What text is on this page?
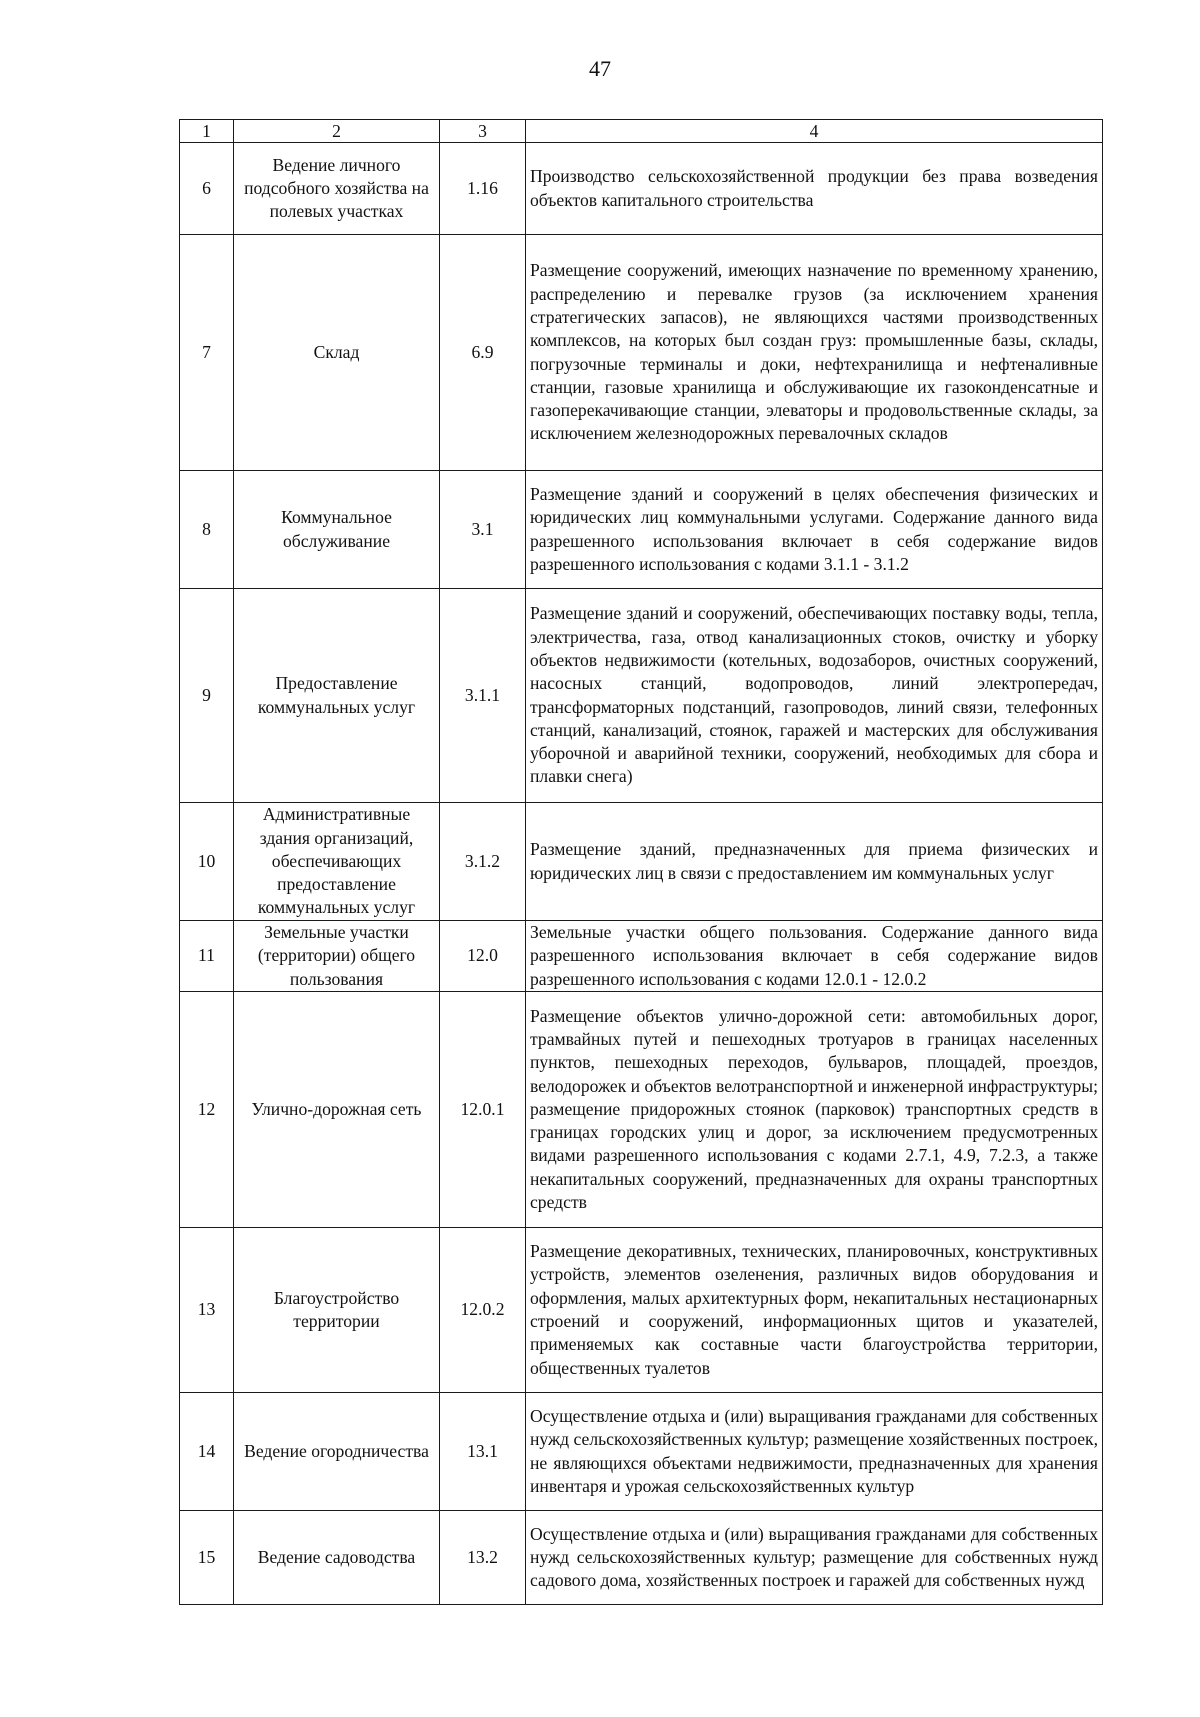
47
1	2	3	4
6	Ведение личного подсобного хозяйства на полевых участках	1.16	Производство сельскохозяйственной продукции без права возведения объектов капитального строительства
7	Склад	6.9	Размещение сооружений, имеющих назначение по временному хранению, распределению и перевалке грузов (за исключением хранения стратегических запасов), не являющихся частями производственных комплексов, на которых был создан груз: промышленные базы, склады, погрузочные терминалы и доки, нефтехранилища и нефтеналивные станции, газовые хранилища и обслуживающие их газоконденсатные и газоперекачивающие станции, элеваторы и продовольственные склады, за исключением железнодорожных перевалочных складов
8	Коммунальное обслуживание	3.1	Размещение зданий и сооружений в целях обеспечения физических и юридических лиц коммунальными услугами. Содержание данного вида разрешенного использования включает в себя содержание видов разрешенного использования с кодами 3.1.1 - 3.1.2
9	Предоставление коммунальных услуг	3.1.1	Размещение зданий и сооружений, обеспечивающих поставку воды, тепла, электричества, газа, отвод канализационных стоков, очистку и уборку объектов недвижимости (котельных, водозаборов, очистных сооружений, насосных станций, водопроводов, линий электропередач, трансформаторных подстанций, газопроводов, линий связи, телефонных станций, канализаций, стоянок, гаражей и мастерских для обслуживания уборочной и аварийной техники, сооружений, необходимых для сбора и плавки снега)
10	Административные здания организаций, обеспечивающих предоставление коммунальных услуг	3.1.2	Размещение зданий, предназначенных для приема физических и юридических лиц в связи с предоставлением им коммунальных услуг
11	Земельные участки (территории) общего пользования	12.0	Земельные участки общего пользования. Содержание данного вида разрешенного использования включает в себя содержание видов разрешенного использования с кодами 12.0.1 - 12.0.2
12	Улично-дорожная сеть	12.0.1	Размещение объектов улично-дорожной сети: автомобильных дорог, трамвайных путей и пешеходных тротуаров в границах населенных пунктов, пешеходных переходов, бульваров, площадей, проездов, велодорожек и объектов велотранспортной и инженерной инфраструктуры; размещение придорожных стоянок (парковок) транспортных средств в границах городских улиц и дорог, за исключением предусмотренных видами разрешенного использования с кодами 2.7.1, 4.9, 7.2.3, а также некапитальных сооружений, предназначенных для охраны транспортных средств
13	Благоустройство территории	12.0.2	Размещение декоративных, технических, планировочных, конструктивных устройств, элементов озеленения, различных видов оборудования и оформления, малых архитектурных форм, некапитальных нестационарных строений и сооружений, информационных щитов и указателей, применяемых как составные части благоустройства территории, общественных туалетов
14	Ведение огородничества	13.1	Осуществление отдыха и (или) выращивания гражданами для собственных нужд сельскохозяйственных культур; размещение хозяйственных построек, не являющихся объектами недвижимости, предназначенных для хранения инвентаря и урожая сельскохозяйственных культур
15	Ведение садоводства	13.2	Осуществление отдыха и (или) выращивания гражданами для собственных нужд сельскохозяйственных культур; размещение для собственных нужд садового дома, хозяйственных построек и гаражей для собственных нужд
